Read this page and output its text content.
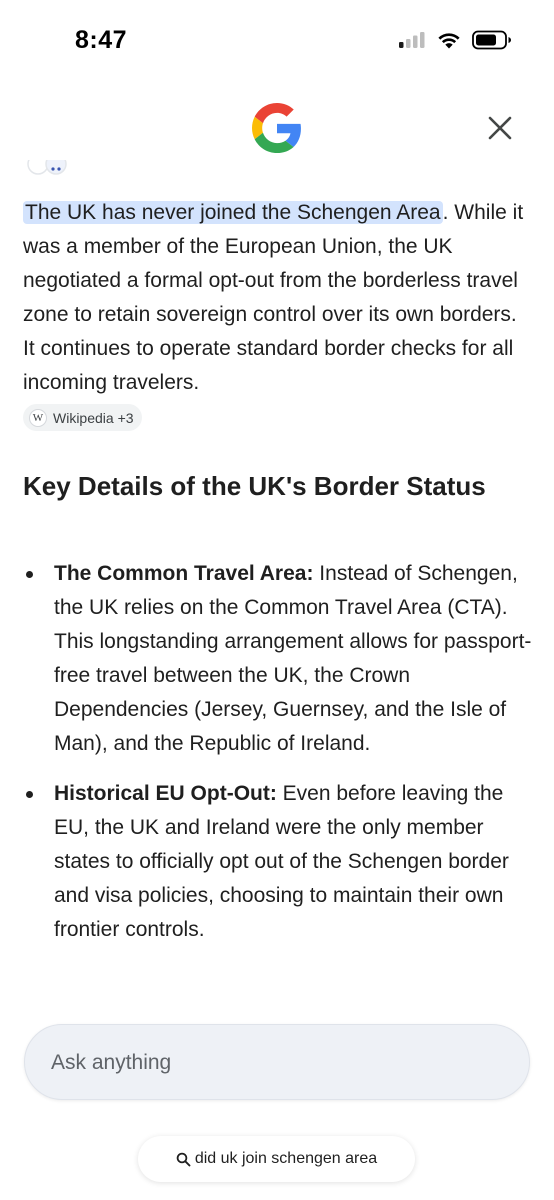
8:47

The UK has never joined the Schengen Area. While it was a member of the European Union, the UK negotiated a formal opt-out from the borderless travel zone to retain sovereign control over its own borders. It continues to operate standard border checks for all incoming travelers.

W Wikipedia +3
Key Details of the UK's Border Status
The Common Travel Area: Instead of Schengen, the UK relies on the Common Travel Area (CTA). This longstanding arrangement allows for passport-free travel between the UK, the Crown Dependencies (Jersey, Guernsey, and the Isle of Man), and the Republic of Ireland.
Historical EU Opt-Out: Even before leaving the EU, the UK and Ireland were the only member states to officially opt out of the Schengen border and visa policies, choosing to maintain their own frontier controls.
Ask anything
did uk join schengen area
